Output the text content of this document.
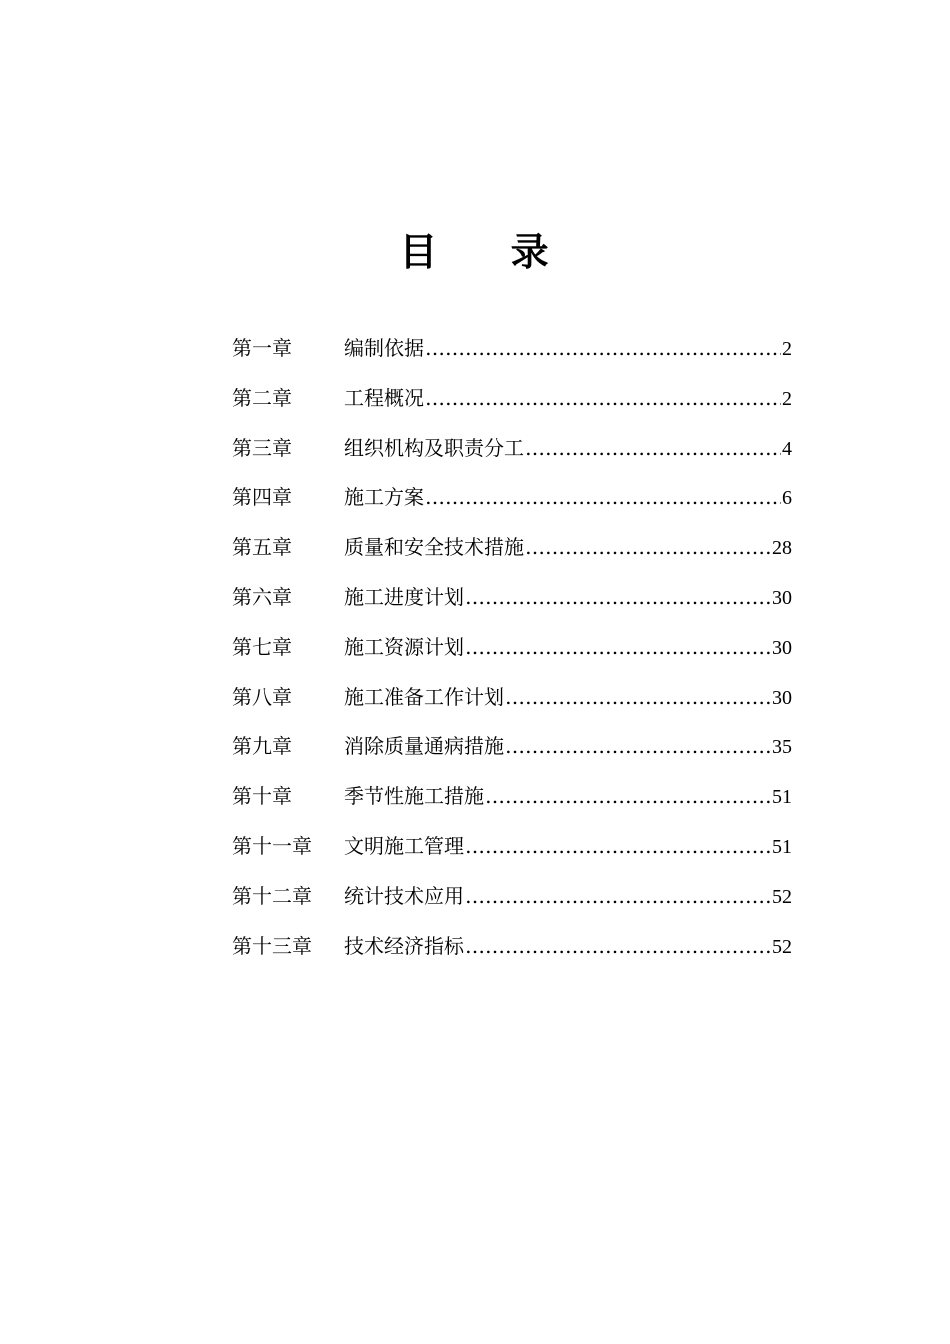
目 录
第一章	编制依据 …………………………………………………………………………………………	2
第二章	工程概况 …………………………………………………………………………………………	2
第三章	组织机构及职责分工 …………………………………………………………………………………………	4
第四章	施工方案 …………………………………………………………………………………………	6
第五章	质量和安全技术措施 …………………………………………………………………………………………	28
第六章	施工进度计划 …………………………………………………………………………………………	30
第七章	施工资源计划 …………………………………………………………………………………………	30
第八章	施工准备工作计划 …………………………………………………………………………………………	30
第九章	消除质量通病措施 …………………………………………………………………………………………	35
第十章	季节性施工措施 …………………………………………………………………………………………	51
第十一章	文明施工管理 …………………………………………………………………………………………	51
第十二章	统计技术应用 …………………………………………………………………………………………	52
第十三章	技术经济指标 …………………………………………………………………………………………	52
